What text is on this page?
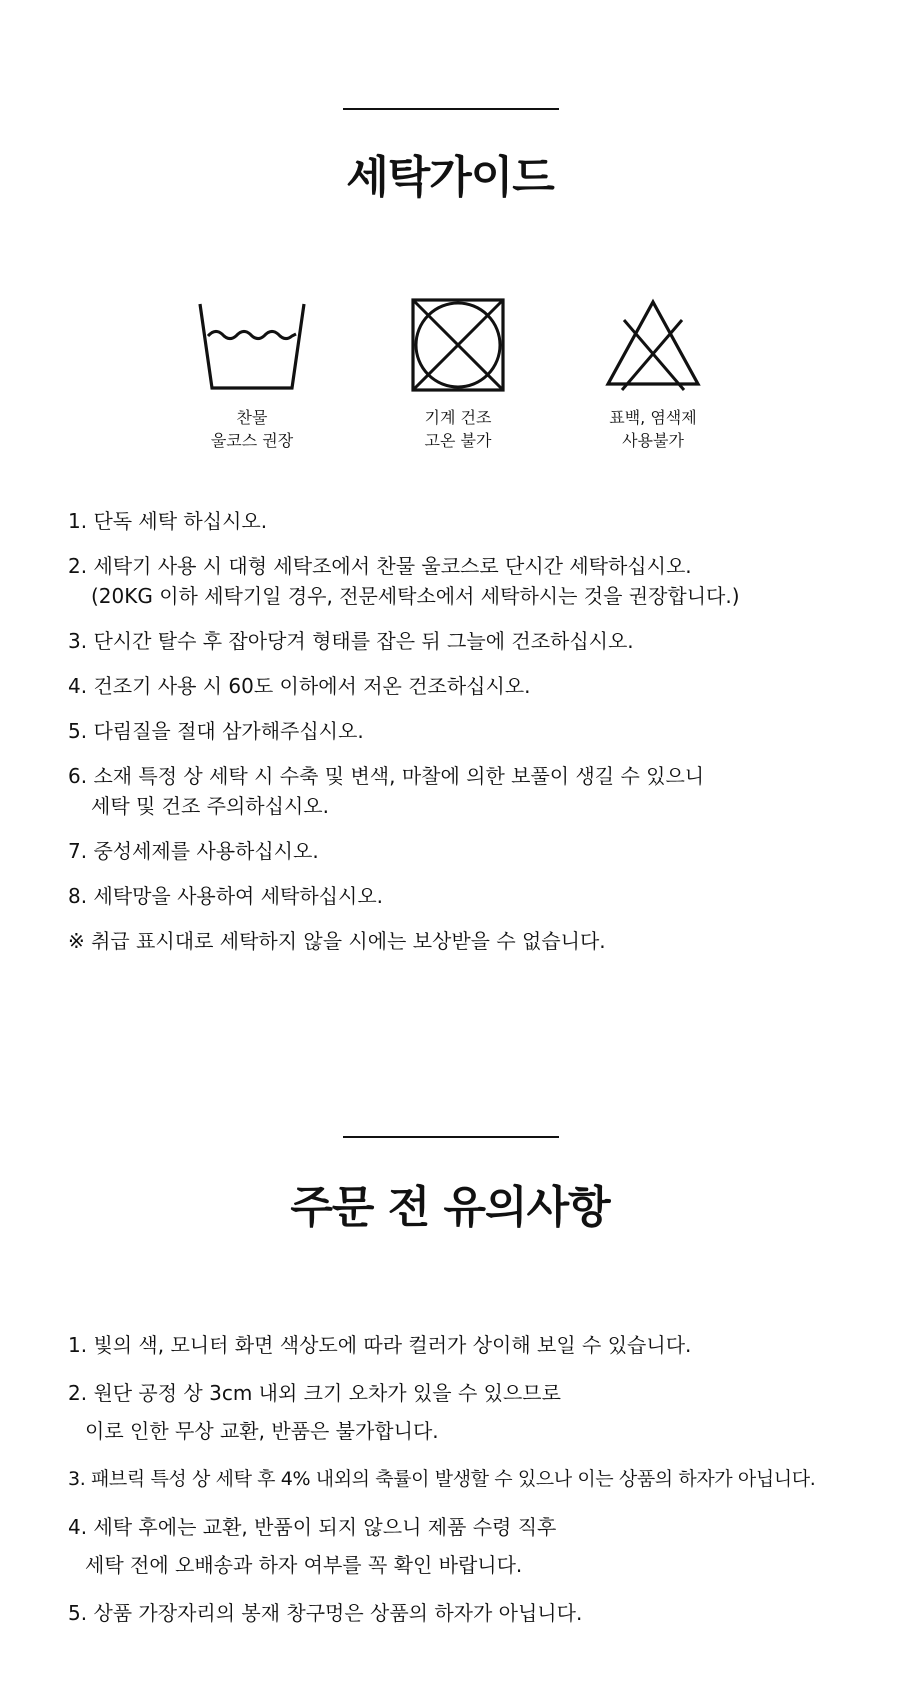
세탁가이드
찬물
울코스 권장
기계 건조
고온 불가
표백, 염색제
사용불가
1. 단독 세탁 하십시오.
2. 세탁기 사용 시 대형 세탁조에서 찬물 울코스로 단시간 세탁하십시오.
(20KG 이하 세탁기일 경우, 전문세탁소에서 세탁하시는 것을 권장합니다.)
3. 단시간 탈수 후 잡아당겨 형태를 잡은 뒤 그늘에 건조하십시오.
4. 건조기 사용 시 60도 이하에서 저온 건조하십시오.
5. 다림질을 절대 삼가해주십시오.
6. 소재 특정 상 세탁 시 수축 및 변색, 마찰에 의한 보풀이 생길 수 있으니
세탁 및 건조 주의하십시오.
7. 중성세제를 사용하십시오.
8. 세탁망을 사용하여 세탁하십시오.
※ 취급 표시대로 세탁하지 않을 시에는 보상받을 수 없습니다.
주문 전 유의사항
1. 빛의 색, 모니터 화면 색상도에 따라 컬러가 상이해 보일 수 있습니다.
2. 원단 공정 상 3cm 내외 크기 오차가 있을 수 있으므로
이로 인한 무상 교환, 반품은 불가합니다.
3. 패브릭 특성 상 세탁 후 4% 내외의 축률이 발생할 수 있으나 이는 상품의 하자가 아닙니다.
4. 세탁 후에는 교환, 반품이 되지 않으니 제품 수령 직후
세탁 전에 오배송과 하자 여부를 꼭 확인 바랍니다.
5. 상품 가장자리의 봉재 창구멍은 상품의 하자가 아닙니다.
